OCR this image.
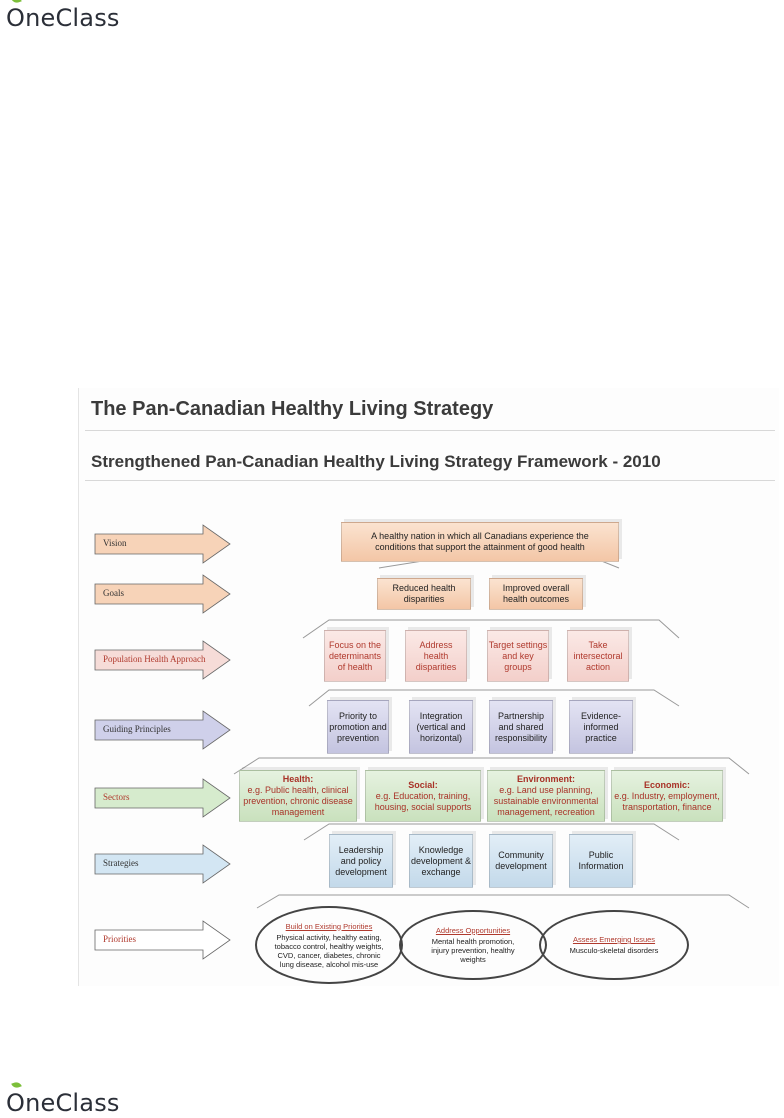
OneClass
The Pan-Canadian Healthy Living Strategy
Strengthened Pan-Canadian Healthy Living Strategy Framework - 2010
Vision
Goals
Population Health Approach
Guiding Principles
Sectors
Strategies
Priorities
A healthy nation in which all Canadians experience the conditions that support the attainment of good health
Reduced health disparities
Improved overall health outcomes
Focus on the determinants of health
Address health disparities
Target settings and key groups
Take intersectoral action
Priority to promotion and prevention
Integration (vertical and horizontal)
Partnership and shared responsibility
Evidence-informed practice
Health:
e.g. Public health, clinical prevention, chronic disease management
Social:
e.g. Education, training, housing, social supports
Environment:
e.g. Land use planning, sustainable environmental management, recreation
Economic:
e.g. Industry, employment, transportation, finance
Leadership and policy development
Knowledge development & exchange
Community development
Public Information
Build on Existing Priorities
Physical activity, healthy eating, tobacco control, healthy weights, CVD, cancer, diabetes, chronic lung disease, alcohol mis-use
Address Opportunities
Mental health promotion, injury prevention, healthy weights
Assess Emerging Issues
Musculo-skeletal disorders
OneClass
